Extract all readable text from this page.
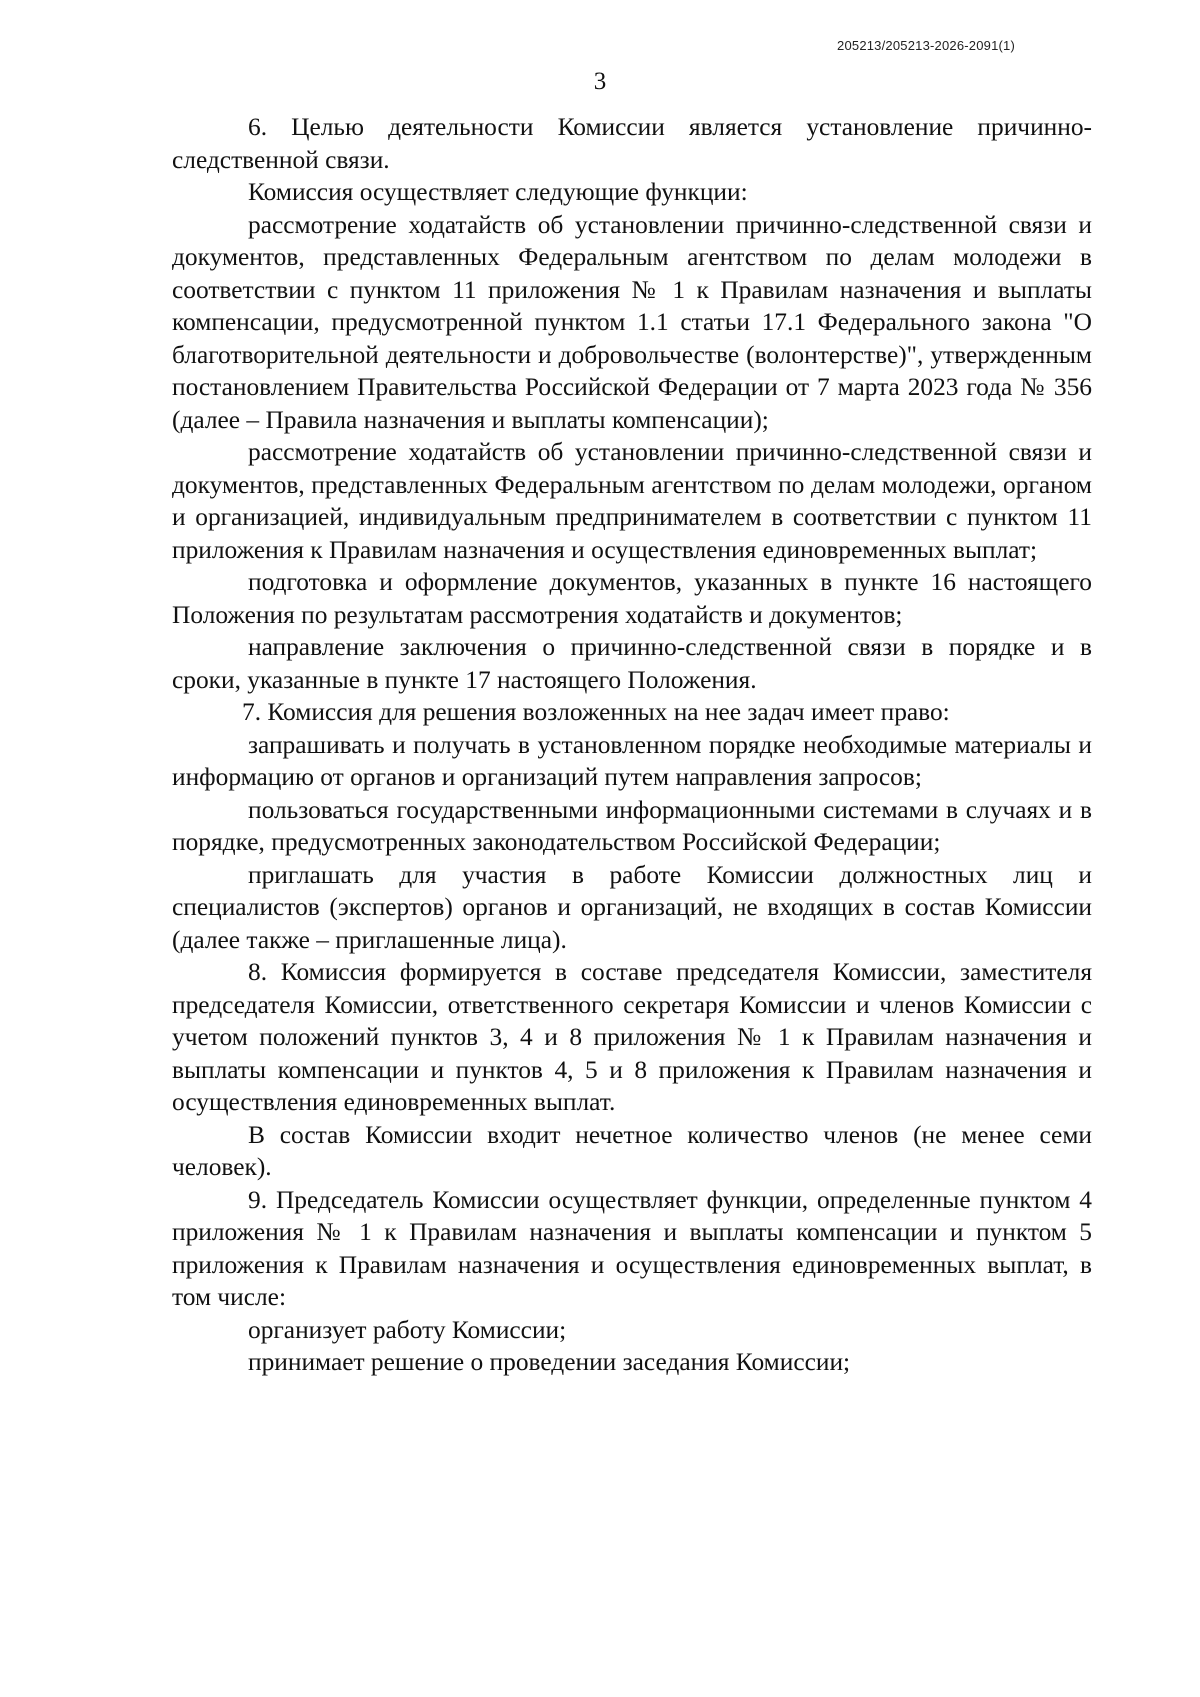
205213/205213-2026-2091(1)
3

6. Целью деятельности Комиссии является установление причинно-следственной связи.

Комиссия осуществляет следующие функции:

рассмотрение ходатайств об установлении причинно-следственной связи и документов, представленных Федеральным агентством по делам молодежи в соответствии с пунктом 11 приложения № 1 к Правилам назначения и выплаты компенсации, предусмотренной пунктом 1.1 статьи 17.1 Федерального закона "О благотворительной деятельности и добровольчестве (волонтерстве)", утвержденным постановлением Правительства Российской Федерации от 7 марта 2023 года № 356 (далее – Правила назначения и выплаты компенсации);

рассмотрение ходатайств об установлении причинно-следственной связи и документов, представленных Федеральным агентством по делам молодежи, органом и организацией, индивидуальным предпринимателем в соответствии с пунктом 11 приложения к Правилам назначения и осуществления единовременных выплат;

подготовка и оформление документов, указанных в пункте 16 настоящего Положения по результатам рассмотрения ходатайств и документов;

направление заключения о причинно-следственной связи в порядке и в сроки, указанные в пункте 17 настоящего Положения.

7. Комиссия для решения возложенных на нее задач имеет право:

запрашивать и получать в установленном порядке необходимые материалы и информацию от органов и организаций путем направления запросов;

пользоваться государственными информационными системами в случаях и в порядке, предусмотренных законодательством Российской Федерации;

приглашать для участия в работе Комиссии должностных лиц и специалистов (экспертов) органов и организаций, не входящих в состав Комиссии (далее также – приглашенные лица).

8. Комиссия формируется в составе председателя Комиссии, заместителя председателя Комиссии, ответственного секретаря Комиссии и членов Комиссии с учетом положений пунктов 3, 4 и 8 приложения № 1 к Правилам назначения и выплаты компенсации и пунктов 4, 5 и 8 приложения к Правилам назначения и осуществления единовременных выплат.

В состав Комиссии входит нечетное количество членов (не менее семи человек).

9. Председатель Комиссии осуществляет функции, определенные пунктом 4 приложения № 1 к Правилам назначения и выплаты компенсации и пунктом 5 приложения к Правилам назначения и осуществления единовременных выплат, в том числе:

организует работу Комиссии;

принимает решение о проведении заседания Комиссии;
